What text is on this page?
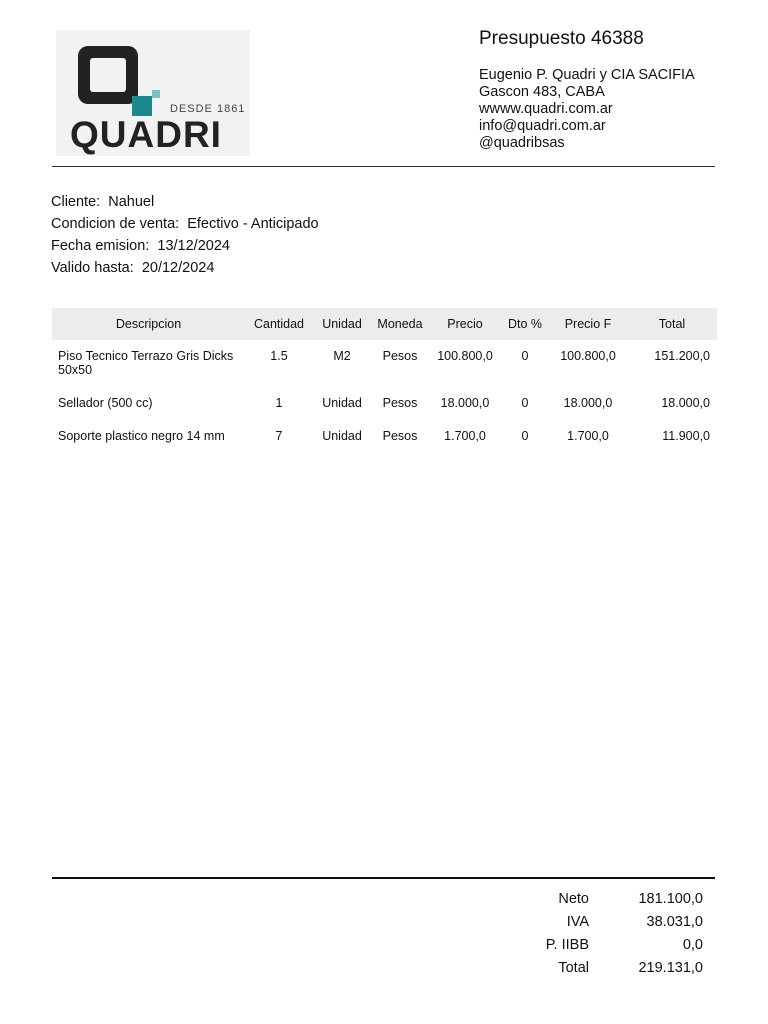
DESDE 1861
QUADRI
Presupuesto 46388
Eugenio P. Quadri y CIA SACIFIA
Gascon 483, CABA
wwww.quadri.com.ar
info@quadri.com.ar
@quadribsas
Cliente: Nahuel
Condicion de venta: Efectivo - Anticipado
Fecha emision: 13/12/2024
Valido hasta: 20/12/2024
Descripcion	Cantidad	Unidad	Moneda	Precio	Dto %	Precio F	Total
Piso Tecnico Terrazo Gris Dicks 50x50	1.5	M2	Pesos	100.800,0	0	100.800,0	151.200,0
Sellador (500 cc)	1	Unidad	Pesos	18.000,0	0	18.000,0	18.000,0
Soporte plastico negro 14 mm	7	Unidad	Pesos	1.700,0	0	1.700,0	11.900,0
Neto	181.100,0
IVA	38.031,0
P. IIBB	0,0
Total	219.131,0
